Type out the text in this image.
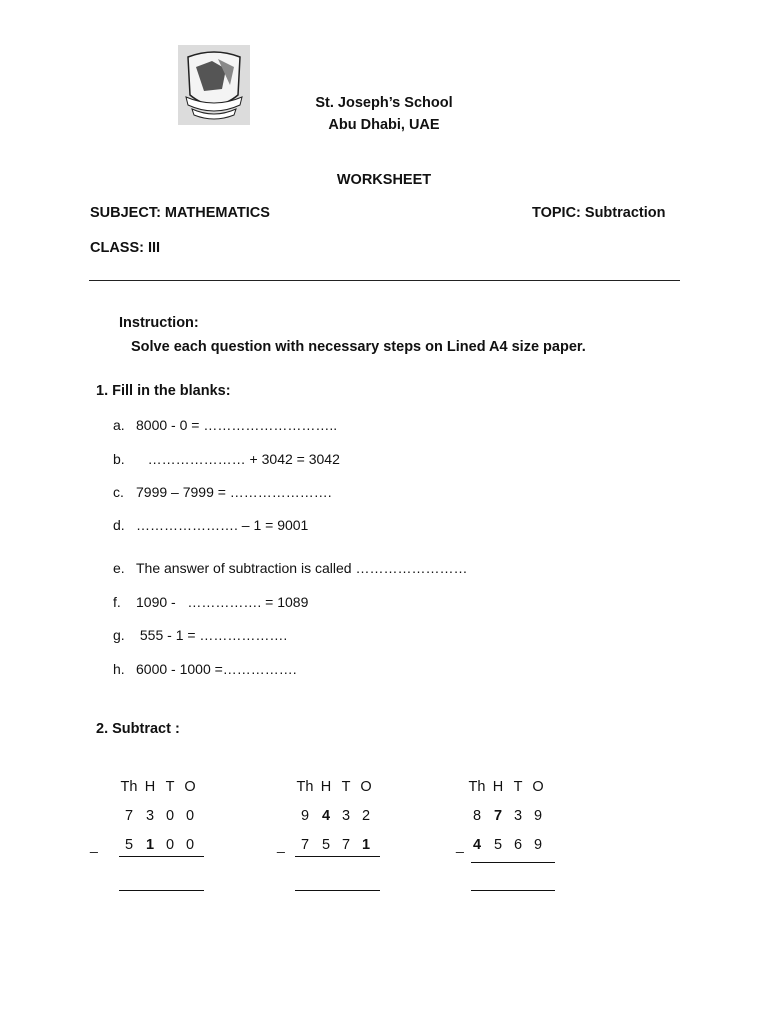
St. Joseph’s School
Abu Dhabi, UAE
WORKSHEET
SUBJECT: MATHEMATICS	TOPIC: Subtraction
CLASS: III
Instruction:
Solve each question with necessary steps on Lined A4 size paper.
1. Fill in the blanks:
a. 8000 - 0 = ………………………..
b.   ………………… + 3042 = 3042
c. 7999 – 7999 = ………………….
d. …………………. – 1 = 9001
e. The answer of subtraction is called ……………………
f. 1090 -   ……………. = 1089
g. 555 - 1 = ……………….
h. 6000 - 1000 =…………….
2. Subtract :
Th H T O
7 3 0 0
5 1 0 0
_
Th H T O
9 4 3 2
7 5 7 1
_
Th H T O
8 7 3 9
4 5 6 9
_
